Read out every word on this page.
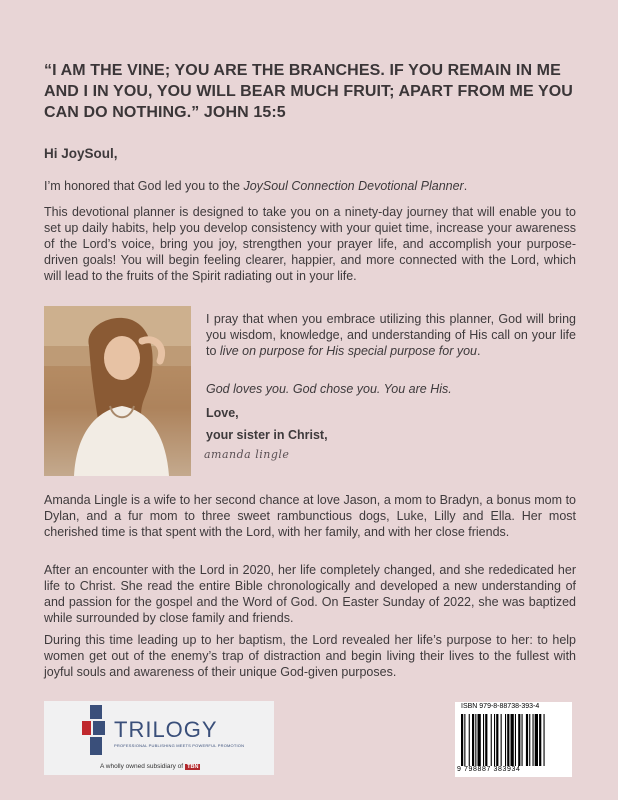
“I AM THE VINE; YOU ARE THE BRANCHES. IF YOU REMAIN IN ME AND I IN YOU, YOU WILL BEAR MUCH FRUIT; APART FROM ME YOU CAN DO NOTHING.” JOHN 15:5
Hi JoySoul,
I’m honored that God led you to the JoySoul Connection Devotional Planner.
This devotional planner is designed to take you on a ninety-day journey that will enable you to set up daily habits, help you develop consistency with your quiet time, increase your awareness of the Lord’s voice, bring you joy, strengthen your prayer life, and accomplish your purpose-driven goals! You will begin feeling clearer, happier, and more connected with the Lord, which will lead to the fruits of the Spirit radiating out in your life.
I pray that when you embrace utilizing this planner, God will bring you wisdom, knowledge, and understanding of His call on your life to live on purpose for His special purpose for you.
God loves you. God chose you. You are His.
Love,
your sister in Christ,
amanda lingle
Amanda Lingle is a wife to her second chance at love Jason, a mom to Bradyn, a bonus mom to Dylan, and a fur mom to three sweet rambunctious dogs, Luke, Lilly and Ella. Her most cherished time is that spent with the Lord, with her family, and with her close friends.
After an encounter with the Lord in 2020, her life completely changed, and she rededicated her life to Christ. She read the entire Bible chronologically and developed a new understanding of and passion for the gospel and the Word of God. On Easter Sunday of 2022, she was baptized while surrounded by close family and friends.
During this time leading up to her baptism, the Lord revealed her life’s purpose to her: to help women get out of the enemy’s trap of distraction and begin living their lives to the fullest with joyful souls and awareness of their unique God-given purposes.
TRILOGY
PROFESSIONAL PUBLISHING MEETS POWERFUL PROMOTION
A wholly owned subsidiary of TBN
ISBN 979-8-88738-393-4
9 798887 383934
